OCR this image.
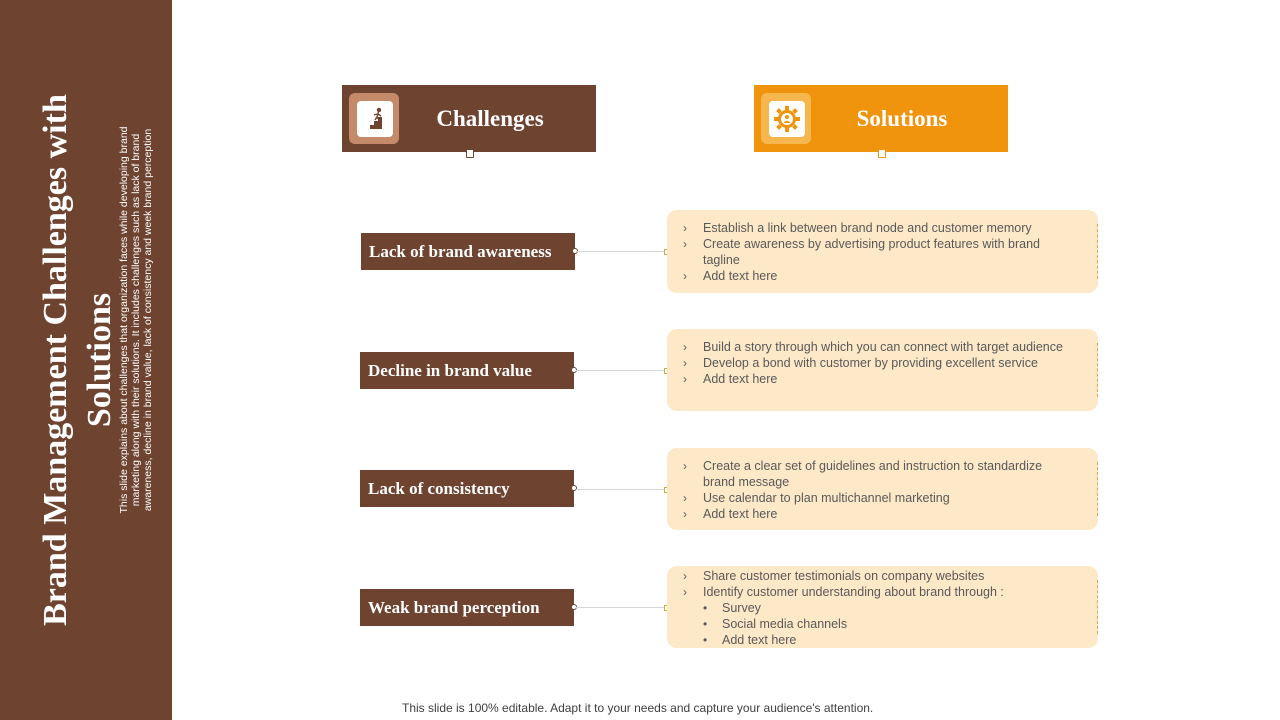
Brand Management Challenges with Solutions This slide explains about challenges that organization faces while developing brand marketing along with their solutions. It includes challenges such as lack of brand awareness, decline in brand value, lack of consistency and week brand perception
Challenges	Solutions
Lack of brand awareness
› Establish a link between brand node and customer memory
› Create awareness by advertising product features with brand tagline
› Add text here
Decline in brand value
› Build a story through which you can connect with target audience
› Develop a bond with customer by providing excellent service
› Add text here
Lack of consistency
› Create a clear set of guidelines and instruction to standardize brand message
› Use calendar to plan multichannel marketing
› Add text here
Weak brand perception
› Share customer testimonials on company websites
› Identify customer understanding about brand through :
• Survey
• Social media channels
• Add text here
This slide is 100% editable. Adapt it to your needs and capture your audience's attention.
